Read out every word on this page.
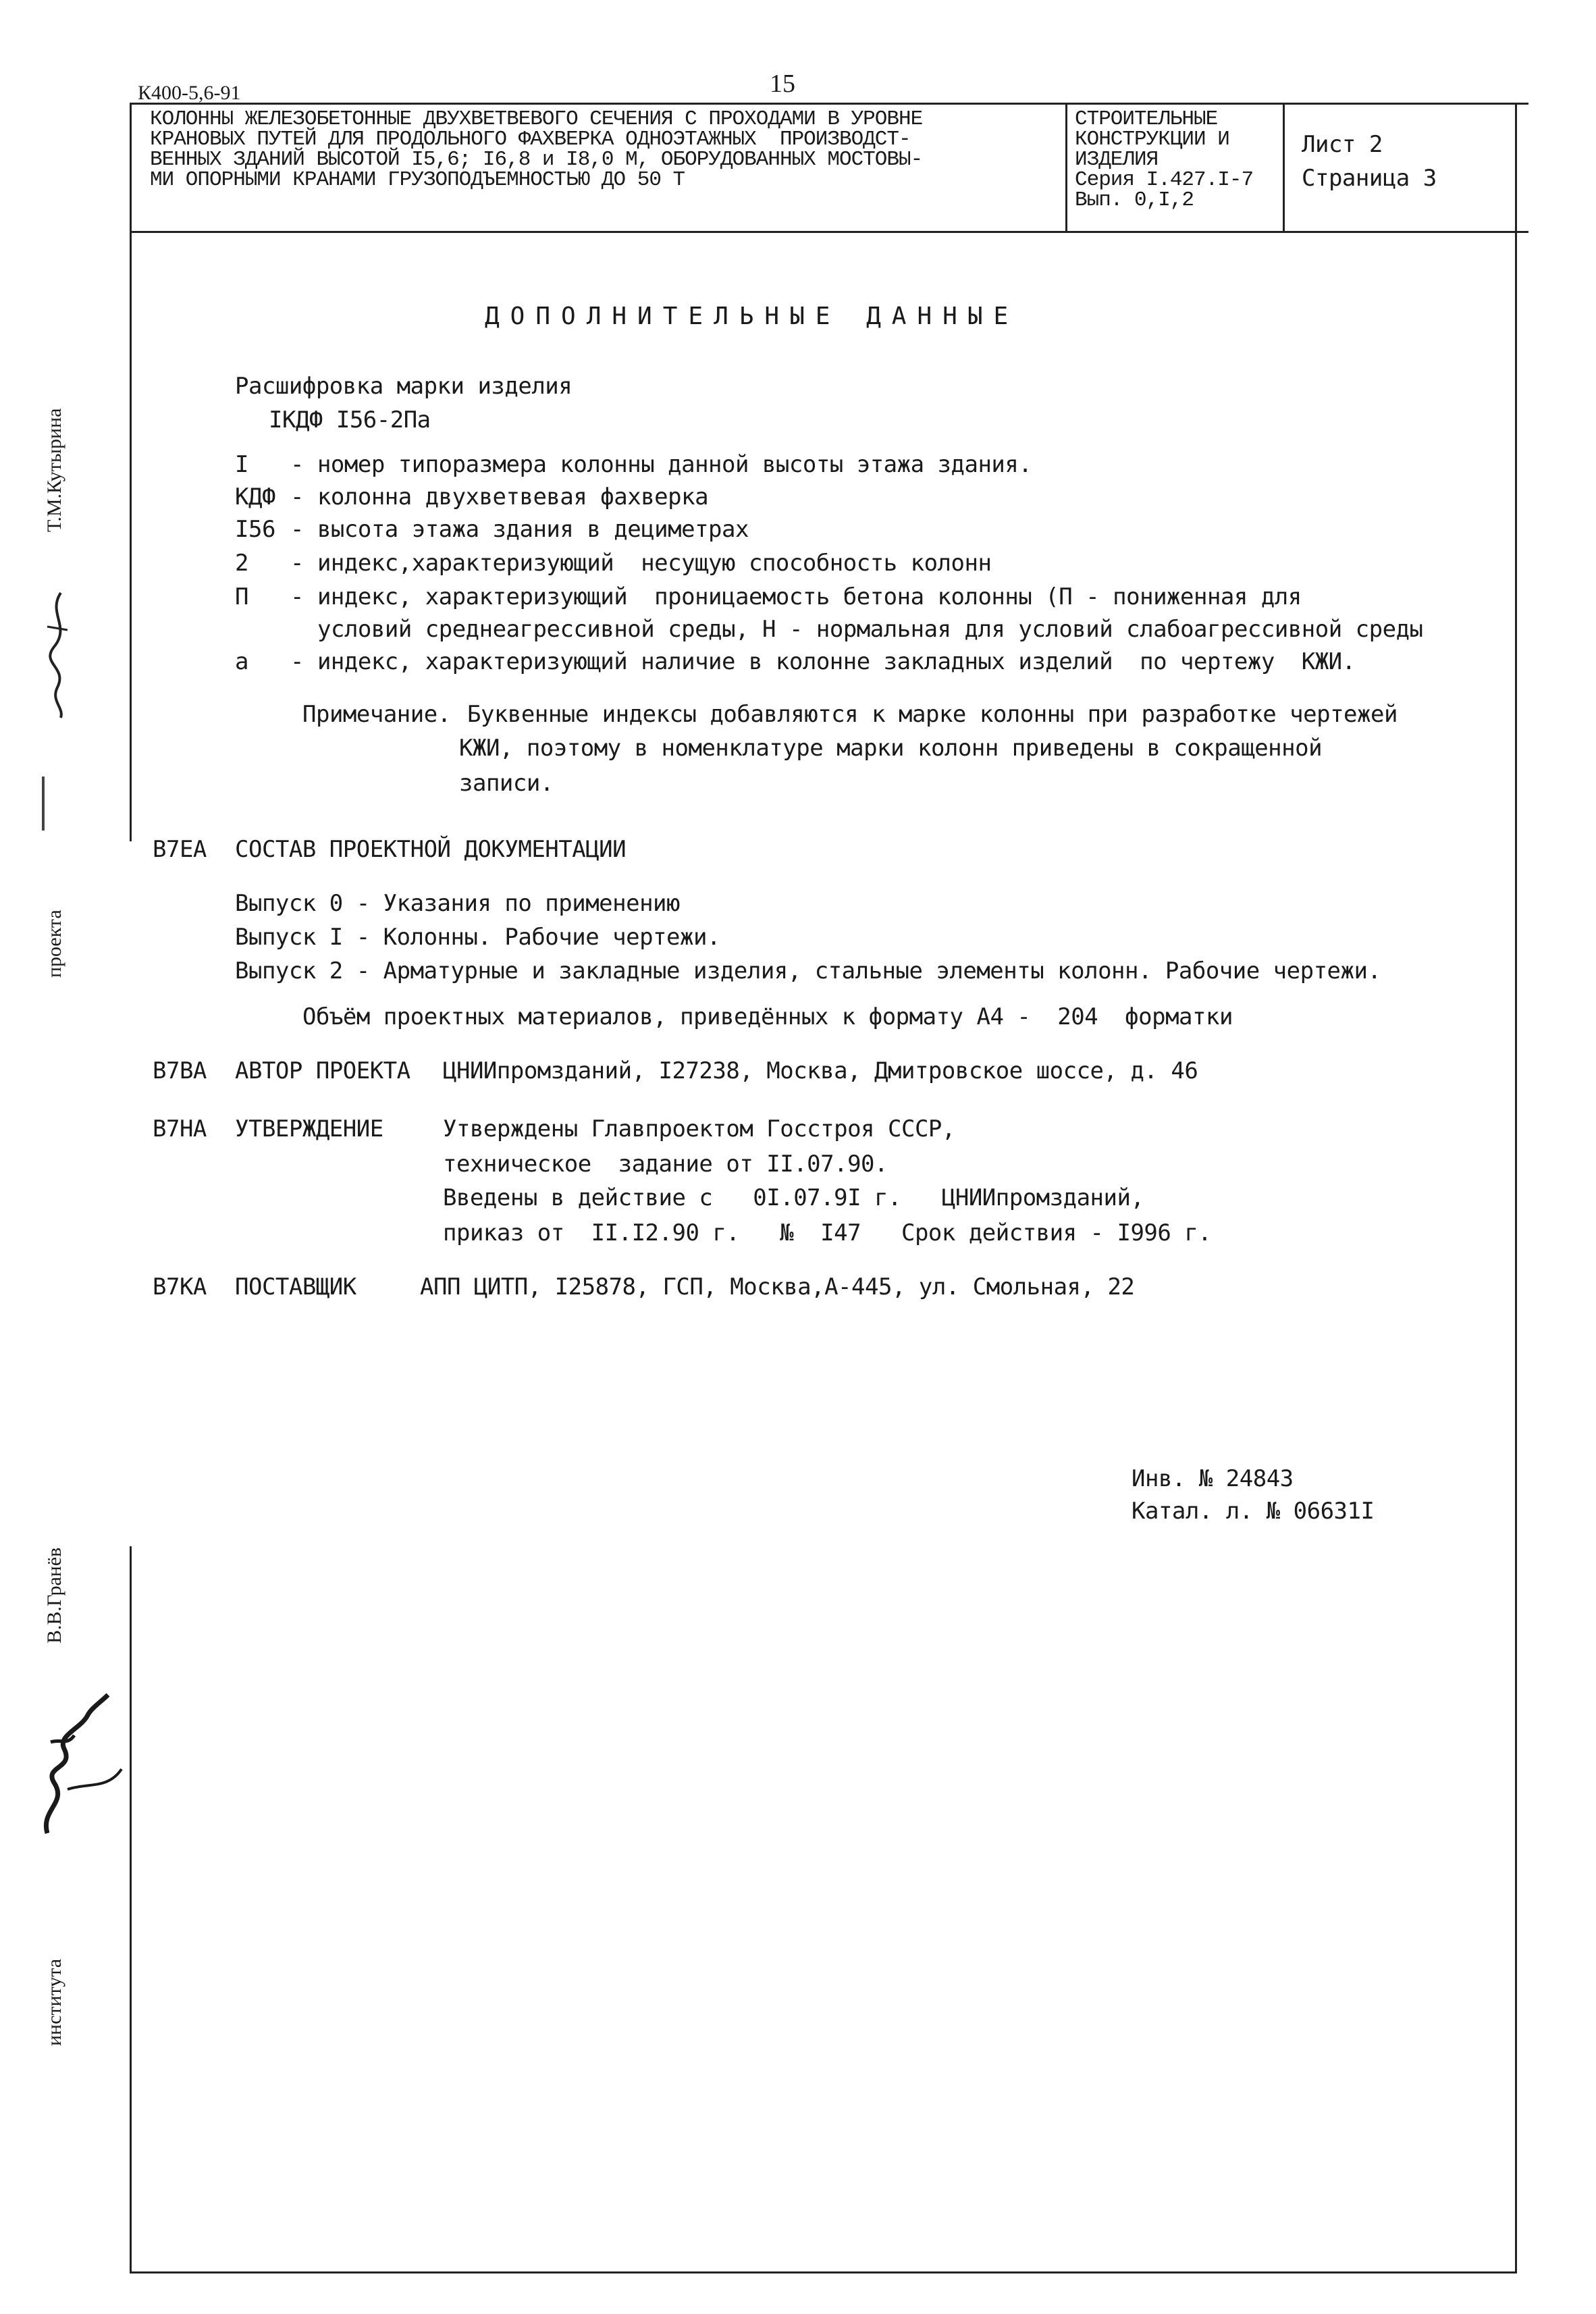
К400-5,6-91	15
КОЛОННЫ ЖЕЛЕЗОБЕТОННЫЕ ДВУХВЕТВЕВОГО СЕЧЕНИЯ С ПРОХОДАМИ В УРОВНЕ
КРАНОВЫХ ПУТЕЙ ДЛЯ ПРОДОЛЬНОГО ФАХВЕРКА ОДНОЭТАЖНЫХ  ПРОИЗВОДСТ-
ВЕННЫХ ЗДАНИЙ ВЫСОТОЙ I5,6; I6,8 и I8,0 М, ОБОРУДОВАННЫХ МОСТОВЫ-
МИ ОПОРНЫМИ КРАНАМИ ГРУЗОПОДЪЕМНОСТЬЮ ДО 50 Т
СТРОИТЕЛЬНЫЕ
КОНСТРУКЦИИ И
ИЗДЕЛИЯ
Серия I.427.I-7
Вып. 0,I,2
Лист 2
Страница 3
Т.М.Кутырина
проекта
В.В.Гранёв
института
ДОПОЛНИТЕЛЬНЫЕ ДАННЫЕ
Расшифровка марки изделия
IКДФ I56-2Па
I - номер типоразмера колонны данной высоты этажа здания.
КДФ - колонна двухветвевая фахверка
I56 - высота этажа здания в дециметрах
2 - индекс,характеризующий  несущую способность колонн
П - индекс, характеризующий  проницаемость бетона колонны (П - пониженная для
условий среднеагрессивной среды, Н - нормальная для условий слабоагрессивной среды
а - индекс, характеризующий наличие в колонне закладных изделий  по чертежу  КЖИ.
Примечание. Буквенные индексы добавляются к марке колонны при разработке чертежей
КЖИ, поэтому в номенклатуре марки колонн приведены в сокращенной
записи.
В7ЕА СОСТАВ ПРОЕКТНОЙ ДОКУМЕНТАЦИИ
Выпуск 0 - Указания по применению
Выпуск I - Колонны. Рабочие чертежи.
Выпуск 2 - Арматурные и закладные изделия, стальные элементы колонн. Рабочие чертежи.
Объём проектных материалов, приведённых к формату А4 -  204  форматки
В7ВА АВТОР ПРОЕКТА ЦНИИпромзданий, I27238, Москва, Дмитровское шоссе, д. 46
В7НА УТВЕРЖДЕНИЕ	Утверждены Главпроектом Госстроя СССР,
техническое  задание от II.07.90.
Введены в действие с   0I.07.9I г.   ЦНИИпромзданий,
приказ от  II.I2.90 г.   №  I47   Срок действия - I996 г.
В7КА ПОСТАВЩИК	АПП ЦИТП, I25878, ГСП, Москва,А-445, ул. Смольная, 22
Инв. № 24843
Катал. л. № 06631I
